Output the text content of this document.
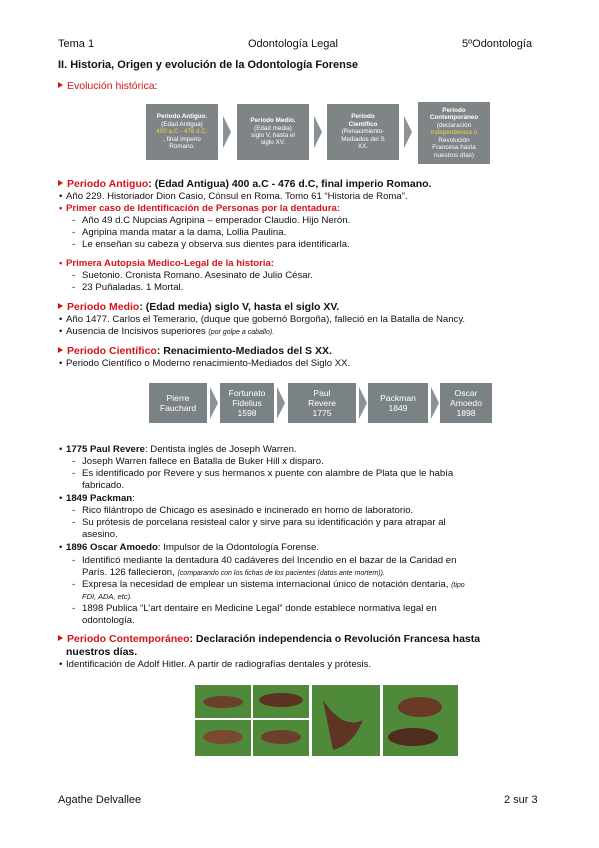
Tema 1	Odontología Legal	5ºOdontología
II. Historia, Origen y evolución de la Odontología Forense
Evolución histórica:
Periodo Antiguo.
(Edad Antigua)
400 a.C - 476 d.C.
, final imperio
Romano.
Periodo Medio.
(Edad media)
siglo V, hasta el
siglo XV.
Periodo
Científico
(Renacimiento-
Mediados del S
XX.
Periodo
Contemporáneo
(declaración
independencia o
Revolución
Francesa hasta
nuestros días)
Periodo Antiguo: (Edad Antigua) 400 a.C - 476 d.C, final imperio Romano.
• Año 229. Historiador Dion Casio, Cónsul en Roma. Tomo 61 “Historia de Roma”.
• Primer caso de Identificación de Personas por la dentadura:
- Año 49 d.C Nupcias Agripina – emperador Claudio. Hijo Nerón.
- Agripina manda matar a la dama, Lollia Paulina.
- Le enseñan su cabeza y observa sus dientes para identificarla.
• Primera Autopsia Medico-Legal de la historia:
- Suetonio. Cronista Romano. Asesinato de Julio César.
- 23 Puñaladas. 1 Mortal.
Periodo Medio: (Edad media) siglo V, hasta el siglo XV.
• Año 1477. Carlos el Temerario, (duque que gobernó Borgoña), falleció en la Batalla de Nancy.
• Ausencia de Incisivos superiores (por golpe a caballo).
Periodo Científico: Renacimiento-Mediados del S XX.
• Periodo Científico o Moderno renacimiento-Mediados del Siglo XX.
Pierre
Fauchard
Fortunato
Fidelius
1598
Paul
Revere
1775
Packman
1849
Oscar
Amoedo
1898
• 1775 Paul Revere: Dentista inglés de Joseph Warren.
- Joseph Warren fallece en Batalla de Buker Hill x disparo.
- Es identificado por Revere y sus hermanos x puente con alambre de Plata que le había
fabricado.
• 1849 Packman:
- Rico filántropo de Chicago es asesinado e incinerado en horno de laboratorio.
- Su prótesis de porcelana resisteal calor y sirve para su identificación y para atrapar al
asesino.
• 1896 Oscar Amoedo: Impulsor de la Odontología Forense.
- Identificó mediante la dentadura 40 cadáveres del Incendio en el bazar de la Caridad en
París. 126 fallecieron, (comparando con los fichas de los pacientes (datos ante mortem)).
- Expresa la necesidad de emplear un sistema internacional único de notación dentaria, (tipo
FDI, ADA, etc).
- 1898 Publica “L’art dentaire en Medicine Legal” donde establece normativa legal en
odontología.
Periodo Contemporáneo: Declaración independencia o Revolución Francesa hasta
nuestros días.
• Identificación de Adolf Hitler. A partir de radiografías dentales y prótesis.
Agathe Delvallee	2 sur 3
